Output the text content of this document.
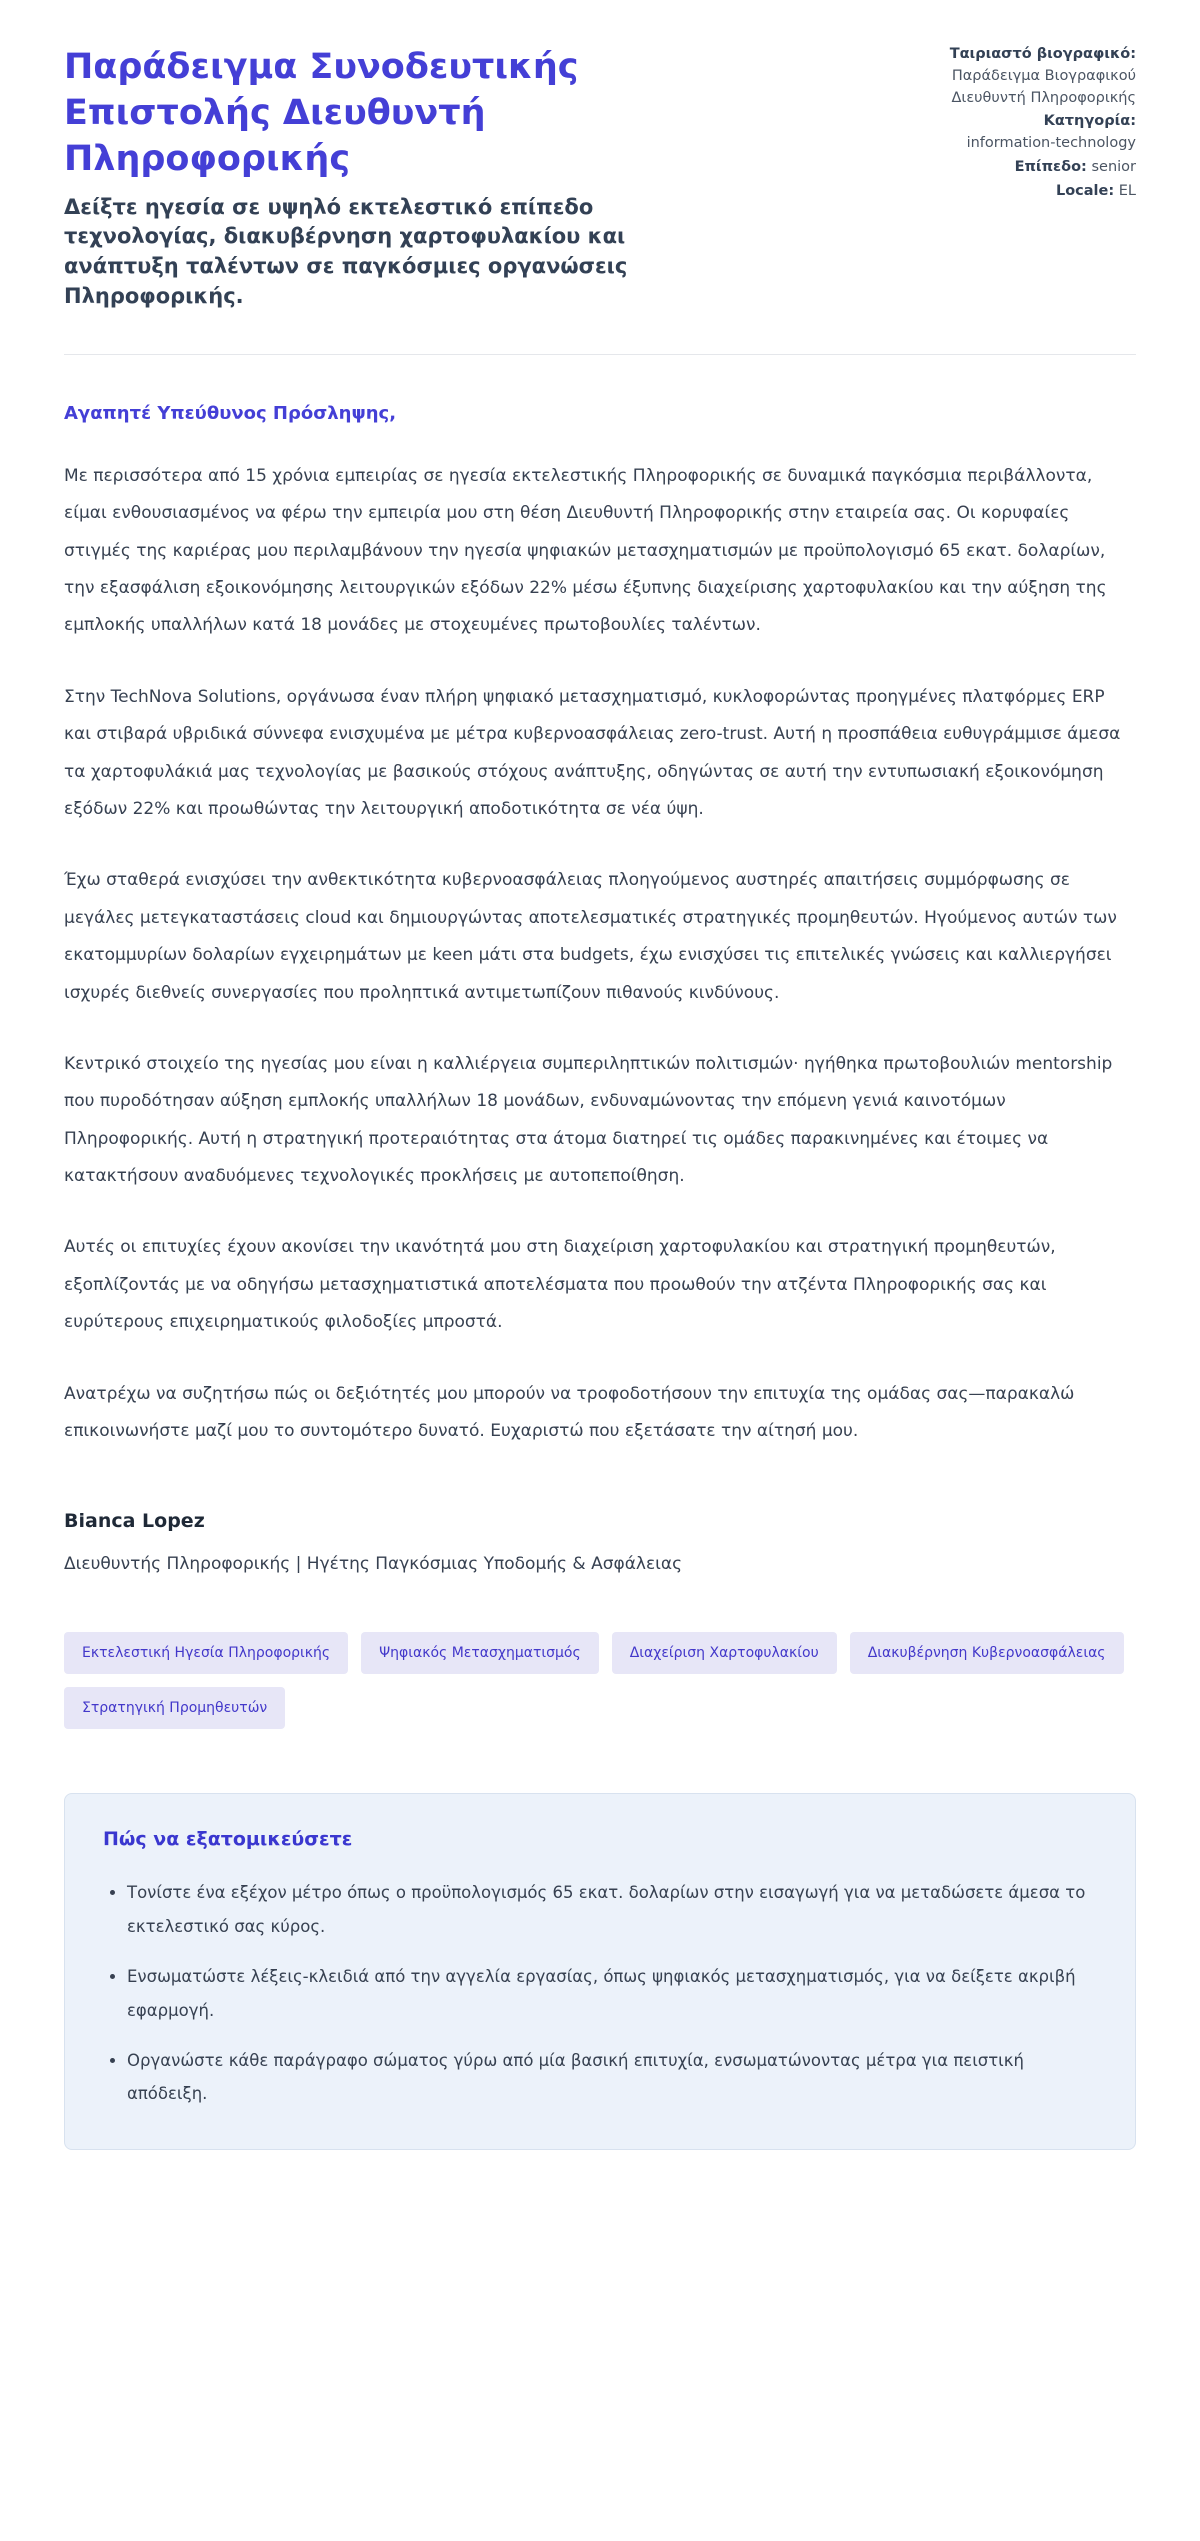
Παράδειγμα Συνοδευτικής Επιστολής Διευθυντή Πληροφορικής

Δείξτε ηγεσία σε υψηλό εκτελεστικό επίπεδο τεχνολογίας, διακυβέρνηση χαρτοφυλακίου και ανάπτυξη ταλέντων σε παγκόσμιες οργανώσεις Πληροφορικής.

Ταιριαστό βιογραφικό:
Παράδειγμα Βιογραφικού Διευθυντή Πληροφορικής
Κατηγορία:
information-technology
Επίπεδο: senior
Locale: EL

Αγαπητέ Υπεύθυνος Πρόσληψης,

Με περισσότερα από 15 χρόνια εμπειρίας σε ηγεσία εκτελεστικής Πληροφορικής σε δυναμικά παγκόσμια περιβάλλοντα, είμαι ενθουσιασμένος να φέρω την εμπειρία μου στη θέση Διευθυντή Πληροφορικής στην εταιρεία σας. Οι κορυφαίες στιγμές της καριέρας μου περιλαμβάνουν την ηγεσία ψηφιακών μετασχηματισμών με προϋπολογισμό 65 εκατ. δολαρίων, την εξασφάλιση εξοικονόμησης λειτουργικών εξόδων 22% μέσω έξυπνης διαχείρισης χαρτοφυλακίου και την αύξηση της εμπλοκής υπαλλήλων κατά 18 μονάδες με στοχευμένες πρωτοβουλίες ταλέντων.

Στην TechNova Solutions, οργάνωσα έναν πλήρη ψηφιακό μετασχηματισμό, κυκλοφορώντας προηγμένες πλατφόρμες ERP και στιβαρά υβριδικά σύννεφα ενισχυμένα με μέτρα κυβερνοασφάλειας zero-trust. Αυτή η προσπάθεια ευθυγράμμισε άμεσα τα χαρτοφυλάκιά μας τεχνολογίας με βασικούς στόχους ανάπτυξης, οδηγώντας σε αυτή την εντυπωσιακή εξοικονόμηση εξόδων 22% και προωθώντας την λειτουργική αποδοτικότητα σε νέα ύψη.

Έχω σταθερά ενισχύσει την ανθεκτικότητα κυβερνοασφάλειας πλοηγούμενος αυστηρές απαιτήσεις συμμόρφωσης σε μεγάλες μετεγκαταστάσεις cloud και δημιουργώντας αποτελεσματικές στρατηγικές προμηθευτών. Ηγούμενος αυτών των εκατομμυρίων δολαρίων εγχειρημάτων με keen μάτι στα budgets, έχω ενισχύσει τις επιτελικές γνώσεις και καλλιεργήσει ισχυρές διεθνείς συνεργασίες που προληπτικά αντιμετωπίζουν πιθανούς κινδύνους.

Κεντρικό στοιχείο της ηγεσίας μου είναι η καλλιέργεια συμπεριληπτικών πολιτισμών· ηγήθηκα πρωτοβουλιών mentorship που πυροδότησαν αύξηση εμπλοκής υπαλλήλων 18 μονάδων, ενδυναμώνοντας την επόμενη γενιά καινοτόμων Πληροφορικής. Αυτή η στρατηγική προτεραιότητας στα άτομα διατηρεί τις ομάδες παρακινημένες και έτοιμες να κατακτήσουν αναδυόμενες τεχνολογικές προκλήσεις με αυτοπεποίθηση.

Αυτές οι επιτυχίες έχουν ακονίσει την ικανότητά μου στη διαχείριση χαρτοφυλακίου και στρατηγική προμηθευτών, εξοπλίζοντάς με να οδηγήσω μετασχηματιστικά αποτελέσματα που προωθούν την ατζέντα Πληροφορικής σας και ευρύτερους επιχειρηματικούς φιλοδοξίες μπροστά.

Ανατρέχω να συζητήσω πώς οι δεξιότητές μου μπορούν να τροφοδοτήσουν την επιτυχία της ομάδας σας—παρακαλώ επικοινωνήστε μαζί μου το συντομότερο δυνατό. Ευχαριστώ που εξετάσατε την αίτησή μου.

Bianca Lopez

Διευθυντής Πληροφορικής | Ηγέτης Παγκόσμιας Υποδομής & Ασφάλειας

Εκτελεστική Ηγεσία Πληροφορικής	Ψηφιακός Μετασχηματισμός	Διαχείριση Χαρτοφυλακίου	Διακυβέρνηση Κυβερνοασφάλειας
Στρατηγική Προμηθευτών
Πώς να εξατομικεύσετε
• Τονίστε ένα εξέχον μέτρο όπως ο προϋπολογισμός 65 εκατ. δολαρίων στην εισαγωγή για να μεταδώσετε άμεσα το εκτελεστικό σας κύρος.
• Ενσωματώστε λέξεις-κλειδιά από την αγγελία εργασίας, όπως ψηφιακός μετασχηματισμός, για να δείξετε ακριβή εφαρμογή.
• Οργανώστε κάθε παράγραφο σώματος γύρω από μία βασική επιτυχία, ενσωματώνοντας μέτρα για πειστική απόδειξη.
